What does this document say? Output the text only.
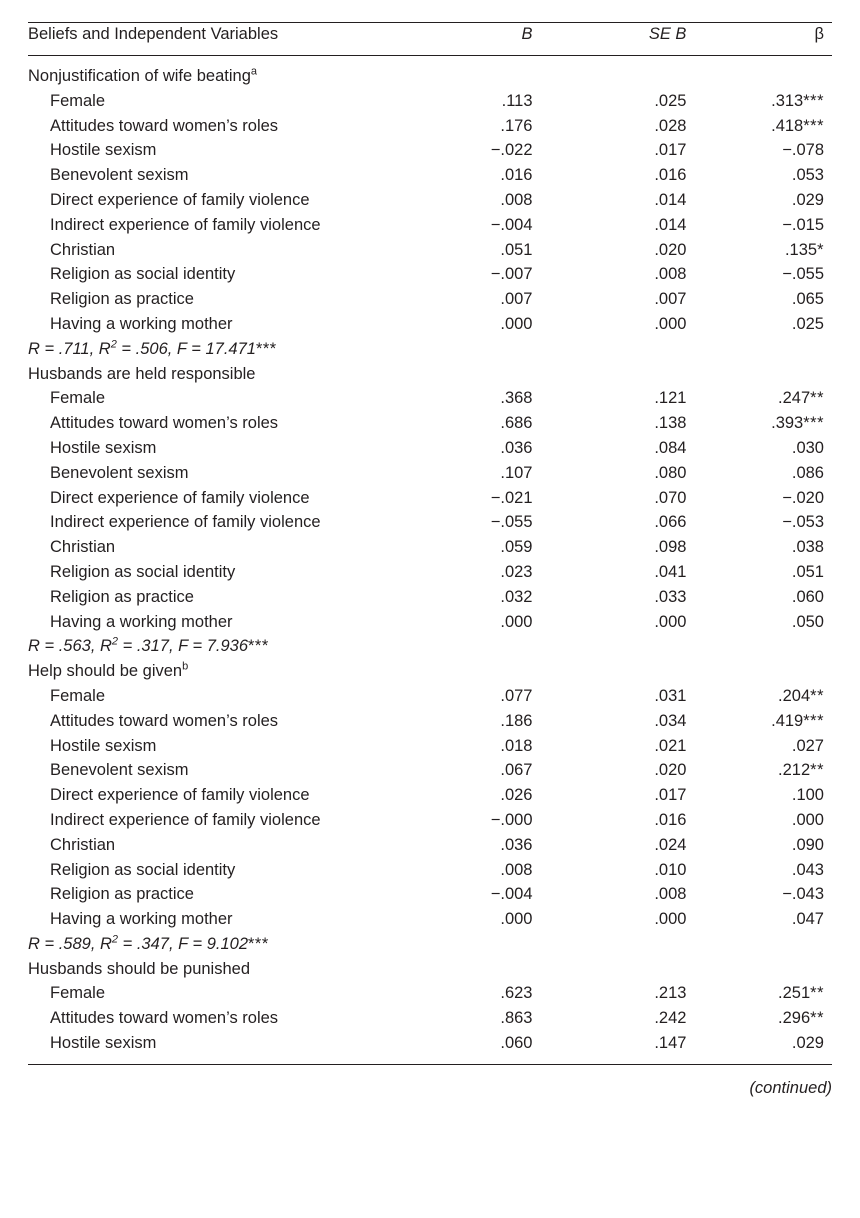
Beliefs and Independent Variables	B	SE B	β

Nonjustification of wife beating$^a$			
Female	.113	.025	.313***
Attitudes toward women’s roles	.176	.028	.418***
Hostile sexism	−.022	.017	−.078
Benevolent sexism	.016	.016	.053
Direct experience of family violence	.008	.014	.029
Indirect experience of family violence	−.004	.014	−.015
Christian	.051	.020	.135*
Religion as social identity	−.007	.008	−.055
Religion as practice	.007	.007	.065
Having a working mother	.000	.000	.025
R = .711, $R^2 = .506$, F = 17.471***			
Husbands are held responsible			
Female	.368	.121	.247**
Attitudes toward women’s roles	.686	.138	.393***
Hostile sexism	.036	.084	.030
Benevolent sexism	.107	.080	.086
Direct experience of family violence	−.021	.070	−.020
Indirect experience of family violence	−.055	.066	−.053
Christian	.059	.098	.038
Religion as social identity	.023	.041	.051
Religion as practice	.032	.033	.060
Having a working mother	.000	.000	.050
R = .563, $R^2 = .317$, F = 7.936***			
Help should be given$^b$			
Female	.077	.031	.204**
Attitudes toward women’s roles	.186	.034	.419***
Hostile sexism	.018	.021	.027
Benevolent sexism	.067	.020	.212**
Direct experience of family violence	.026	.017	.100
Indirect experience of family violence	−.000	.016	.000
Christian	.036	.024	.090
Religion as social identity	.008	.010	.043
Religion as practice	−.004	.008	−.043
Having a working mother	.000	.000	.047
R = .589, $R^2 = .347$, F = 9.102***			
Husbands should be punished			
Female	.623	.213	.251**
Attitudes toward women’s roles	.863	.242	.296**
Hostile sexism	.060	.147	.029

(continued)
